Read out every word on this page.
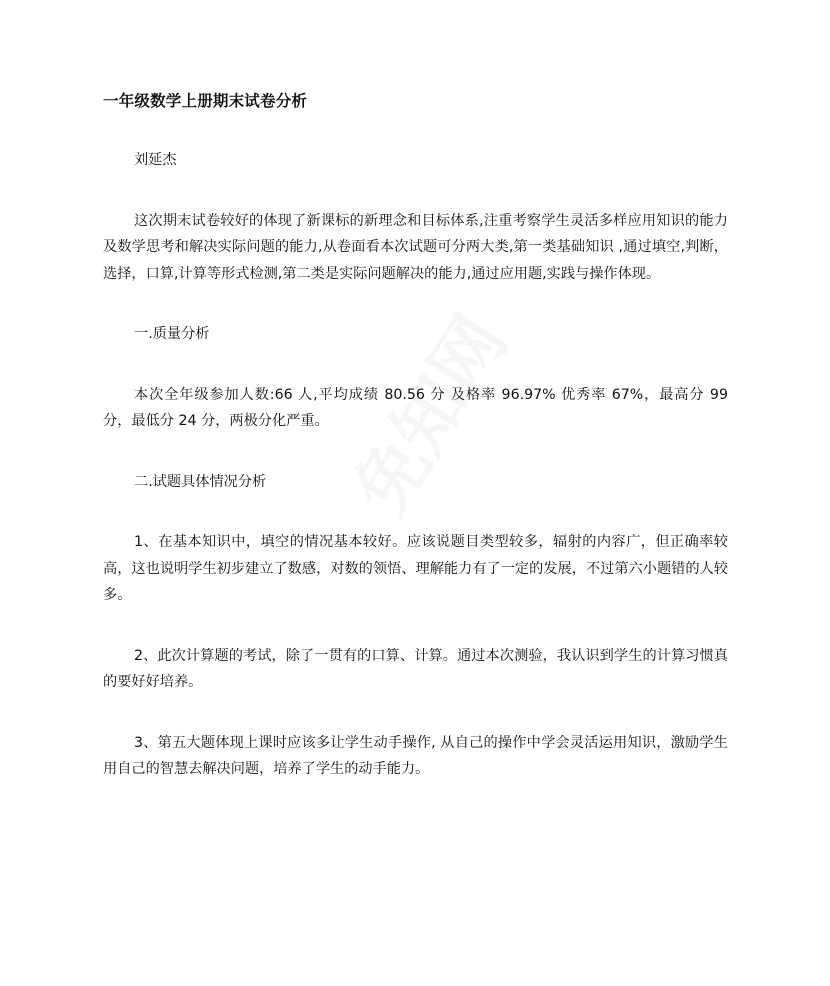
一年级数学上册期末试卷分析

刘延杰

这次期末试卷较好的体现了新课标的新理念和目标体系,注重考察学生灵活多样应用知识的能力及数学思考和解决实际问题的能力,从卷面看本次试题可分两大类,第一类基础知识 ,通过填空,判断，选择，口算,计算等形式检测,第二类是实际问题解决的能力,通过应用题,实践与操作体现。

一.质量分析

本次全年级参加人数:66 人,平均成绩 80.56 分 及格率 96.97% 优秀率 67%，最高分 99 分，最低分 24 分，两极分化严重。

二.试题具体情况分析

1、在基本知识中，填空的情况基本较好。应该说题目类型较多，辐射的内容广，但正确率较高，这也说明学生初步建立了数感，对数的领悟、理解能力有了一定的发展，不过第六小题错的人较多。

2、此次计算题的考试，除了一贯有的口算、计算。通过本次测验，我认识到学生的计算习惯真的要好好培养。

3、第五大题体现上课时应该多让学生动手操作, 从自己的操作中学会灵活运用知识，激励学生用自己的智慧去解决问题，培养了学生的动手能力。
